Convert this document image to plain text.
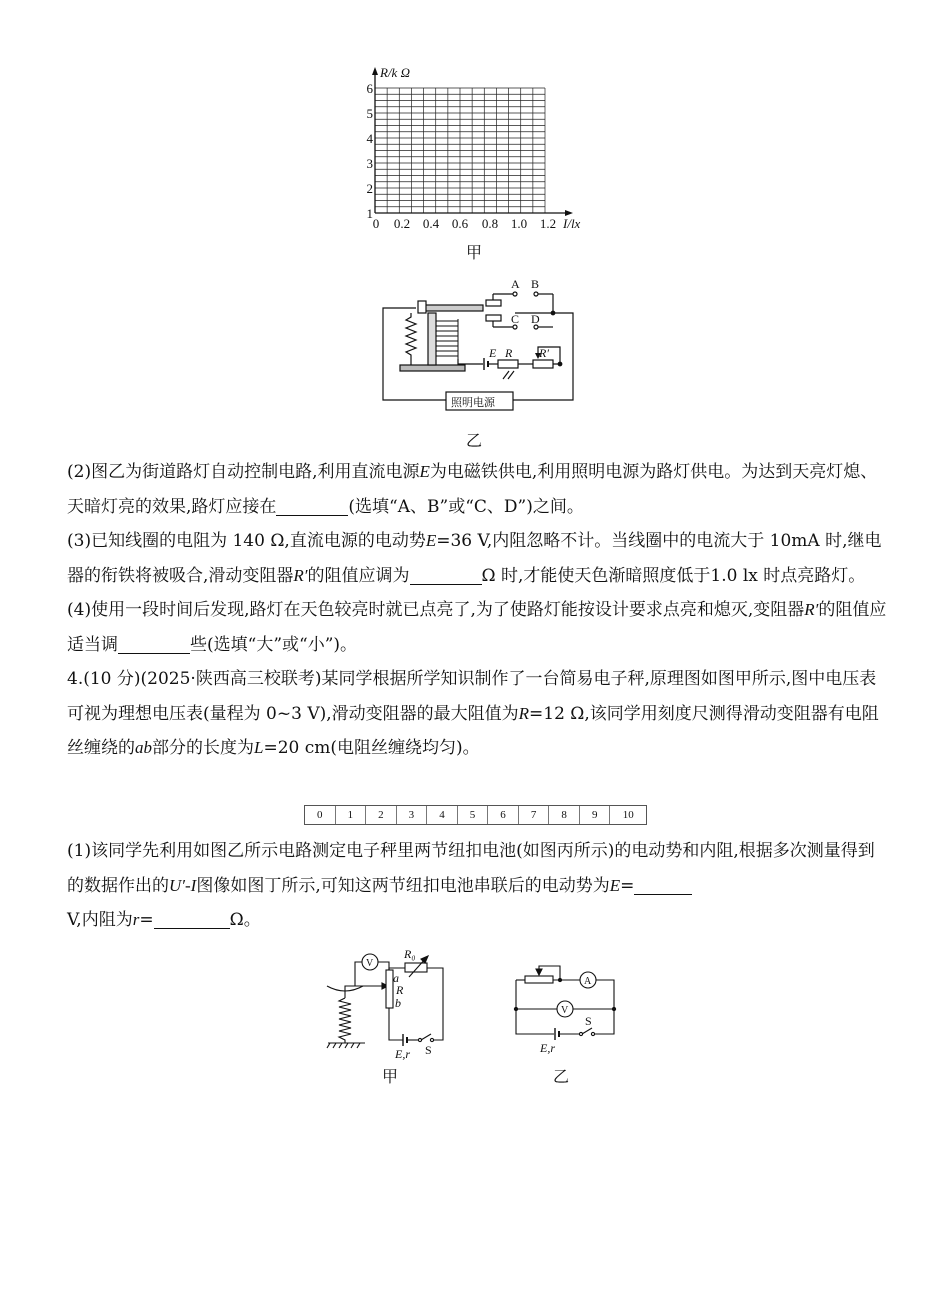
R/k Ω
I/lx
1
2
3
4
5
6
0 0.2 0.4 0.6 0.8 1.0 1.2
甲
A B
C D
E R R′
照明电源
乙

(2)图乙为街道路灯自动控制电路,利用直流电源E为电磁铁供电,利用照明电源为路灯供电。为达到天亮灯熄、天暗灯亮的效果,路灯应接在	(选填“A、B”或“C、D”)之间。

(3)已知线圈的电阻为 140 Ω,直流电源的电动势E=36 V,内阻忽略不计。当线圈中的电流大于 10mA 时,继电器的衔铁将被吸合,滑动变阻器R′的阻值应调为	Ω 时,才能使天色渐暗照度低于1.0 lx 时点亮路灯。

(4)使用一段时间后发现,路灯在天色较亮时就已点亮了,为了使路灯能按设计要求点亮和熄灭,变阻器R′的阻值应适当调	些(选填“大”或“小”)。

4.(10 分)(2025·陕西高三校联考)某同学根据所学知识制作了一台简易电子秤,原理图如图甲所示,图中电压表可视为理想电压表(量程为 0~3 V),滑动变阻器的最大阻值为R=12 Ω,该同学用刻度尺测得滑动变阻器有电阻丝缠绕的ab部分的长度为L=20 cm(电阻丝缠绕均匀)。

0	1	2	3	4	5	6	7	8	9	10

(1)该同学先利用如图乙所示电路测定电子秤里两节纽扣电池(如图丙所示)的电动势和内阻,根据多次测量得到的数据作出的U′-I图像如图丁所示,可知这两节纽扣电池串联后的电动势为E=
V,内阻为r=	Ω。

R₀
V
a
R
b
E,r S
甲
A
V
S
E,r
乙
